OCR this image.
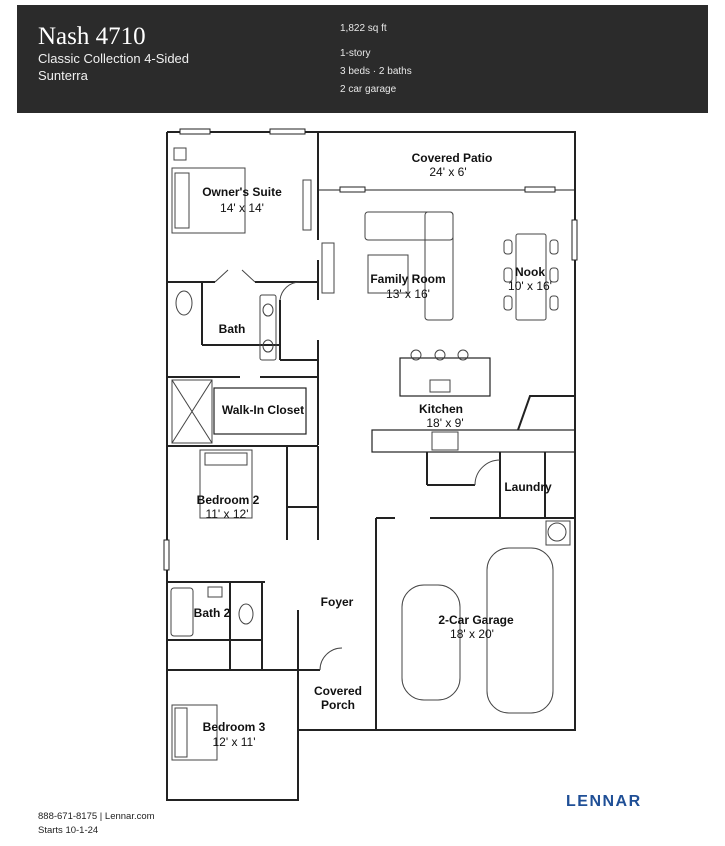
Nash 4710
Classic Collection 4-Sided
Sunterra
1,822 sq ft
1-story
3 beds · 2 baths
2 car garage
Owner's Suite
14' x 14'
Covered Patio
24' x 6'
Family Room
13' x 16'
Nook
10' x 16'
Bath
Walk-In Closet	Kitchen
18' x 9'
Laundry
Bedroom 2
11' x 12'
Foyer
2-Car Garage
18' x 20'
Bath 2
Covered
Porch
Bedroom 3
12' x 11'
888-671-8175 | Lennar.com
Starts 10-1-24
LENNAR
